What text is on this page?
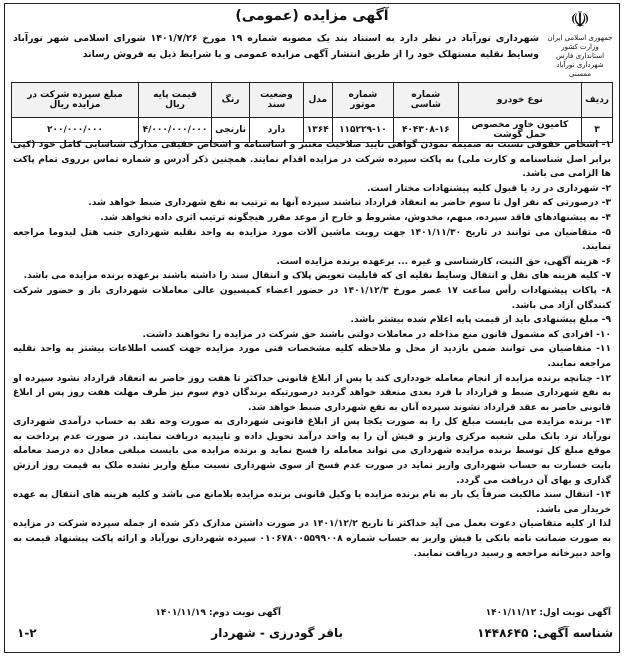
آگهی مزایده (عمومی)	☫
جمهوری اسلامی ایران
وزارت کشور
استانداری فارس
شهرداری نورآباد ممسنی
شهرداری نورآباد در نظر دارد به استناد بند یک مصوبه شماره ۱۹ مورخ ۱۴۰۱/۷/۲۶ شورای اسلامی شهر نورآباد وسایط نقلیه مستهلک خود را از طریق انتشار آگهی مزایده عمومی و با شرایط ذیل به فروش رساند
ردیف	نوع خودرو	شماره شاسی	شماره موتور	مدل	وضعیت سند	رنگ	قیمت پایه ریال	مبلغ سپرده شرکت در مزایده ریال
۳	کامیون خاور مخصوص حمل گوشت	۴۰۴۳۰۸-۱۶	۱۱۵۲۲۹-۱۰	۱۳۶۴	دارد	نارنجی	۴/۰۰۰/۰۰۰/۰۰۰	۲۰۰/۰۰۰/۰۰۰

۱- اشخاص حقوقی نسبت به ضمیمه نمودن گواهی تایید صلاحیت معتبر و اساسنامه و اشخاص حقیقی مدارک شناسایی کامل خود (کپی برابر اصل شناسنامه و کارت ملی) به پاکت سپرده شرکت در مزایده اقدام نمایند. همچنین ذکر آدرس و شماره تماس برروی تمام پاکت ها الزامی می باشد.

۲- شهرداری در رد یا قبول کلیه پیشنهادات مختار است.

۳- درصورتی که نفر اول تا سوم حاضر به انعقاد قرارداد نباشند سپرده آنها به ترتیب به نفع شهرداری ضبط خواهد شد.

۴- به پیشنهادهای فاقد سپرده، مبهم، مخدوش، مشروط و خارج از موعد مقرر هیچگونه ترتیب اثری داده نخواهد شد.

۵- متقاضیان می توانند در تاریخ ۱۴۰۱/۱۱/۳۰ جهت رویت ماشین آلات مورد مزایده به واحد نقلیه شهرداری جنب هتل لیدوما مراجعه نمایند.

۶- هزینه آگهی، حق الثبت، کارشناسی و غیره ... برعهده برنده مزایده است.

۷- کلیه هزینه های نقل و انتقال وسایط نقلیه ای که قابلیت تعویض پلاک و انتقال سند را داشته باشند برعهده برنده مزایده می باشد.

۸- پاکات پیشنهادات رأس ساعت ۱۷ عصر مورخ ۱۴۰۱/۱۲/۳ در حضور اعضاء کمیسیون عالی معاملات شهرداری باز و حضور شرکت کنندگان آزاد می باشد.

۹- مبلغ پیشنهادی باید از قیمت پایه اعلام شده بیشتر باشد.

۱۰- افرادی که مشمول قانون منع مداخله در معاملات دولتی باشند حق شرکت در مزایده را نخواهند داشت.

۱۱- متقاضیان می توانند ضمن بازدید از محل و ملاحظه کلیه مشخصات فنی مورد مزایده جهت کسب اطلاعات بیشتر به واحد نقلیه مراجعه نمایند.

۱۲- چنانچه برنده مزایده از انجام معامله خودداری کند یا پس از ابلاغ قانونی حداکثر تا هفت روز حاضر به انعقاد قرارداد نشود سپرده او به نفع شهرداری ضبط و قرارداد با فرد بعدی منعقد خواهد گردید درصورتیکه برندگان دوم سوم نیز ظرف مهلت هفت روز پس از ابلاغ قانونی حاضر به عقد قرارداد نشوند سپرده آنان به نفع شهرداری ضبط خواهد شد.

۱۳- برنده مزایده می بایست مبلغ کل را به صورت یکجا پس از ابلاغ قانونی شهرداری به صورت وجه نقد به حساب درآمدی شهرداری نورآباد نزد بانک ملی شعبه مرکزی واریز و فیش آن را به واحد درآمد تحویل داده و تاییدیه دریافت نمایند. در صورت عدم پرداخت به موقع مبلغ کل توسط برنده مزایده شهرداری می تواند معامله را فسخ نماید و برنده مزایده می بایست مبلغی معادل ده درصد معامله بابت خسارت به حساب شهرداری واریز نماید در صورت عدم فسخ از سوی شهرداری نسبت مبلغ واریز نشده ملک به قیمت روز ارزش گذاری و بهای آن دریافت می گردد.

۱۴- انتقال سند مالکیت صرفاً یک بار به نام برنده مزایده یا وکیل قانونی برنده مزایده بلامانع می باشد و کلیه هزینه های انتقال به عهده خریدار می باشد.

لذا از کلیه متقاضیان دعوت بعمل می آید حداکثر تا تاریخ ۱۴۰۱/۱۲/۲ در صورت داشتن مدارک ذکر شده از جمله سپرده شرکت در مزایده به صورت ضمانت نامه بانکی یا فیش واریز به حساب شماره ۰۱۰۶۷۸۰۰۵۵۹۹۰۰۸ سپرده شهرداری نورآباد و ارائه پاکت پیشنهاد قیمت به واحد دبیرخانه مراجعه و رسید دریافت نمایند.

آگهی نوبت اول: ۱۴۰۱/۱۱/۱۲
آگهی نوبت دوم: ۱۴۰۱/۱۱/۱۹
شناسه آگهی: ۱۴۴۸۶۴۵
باقر گودرزی - شهردار
۱-۲
